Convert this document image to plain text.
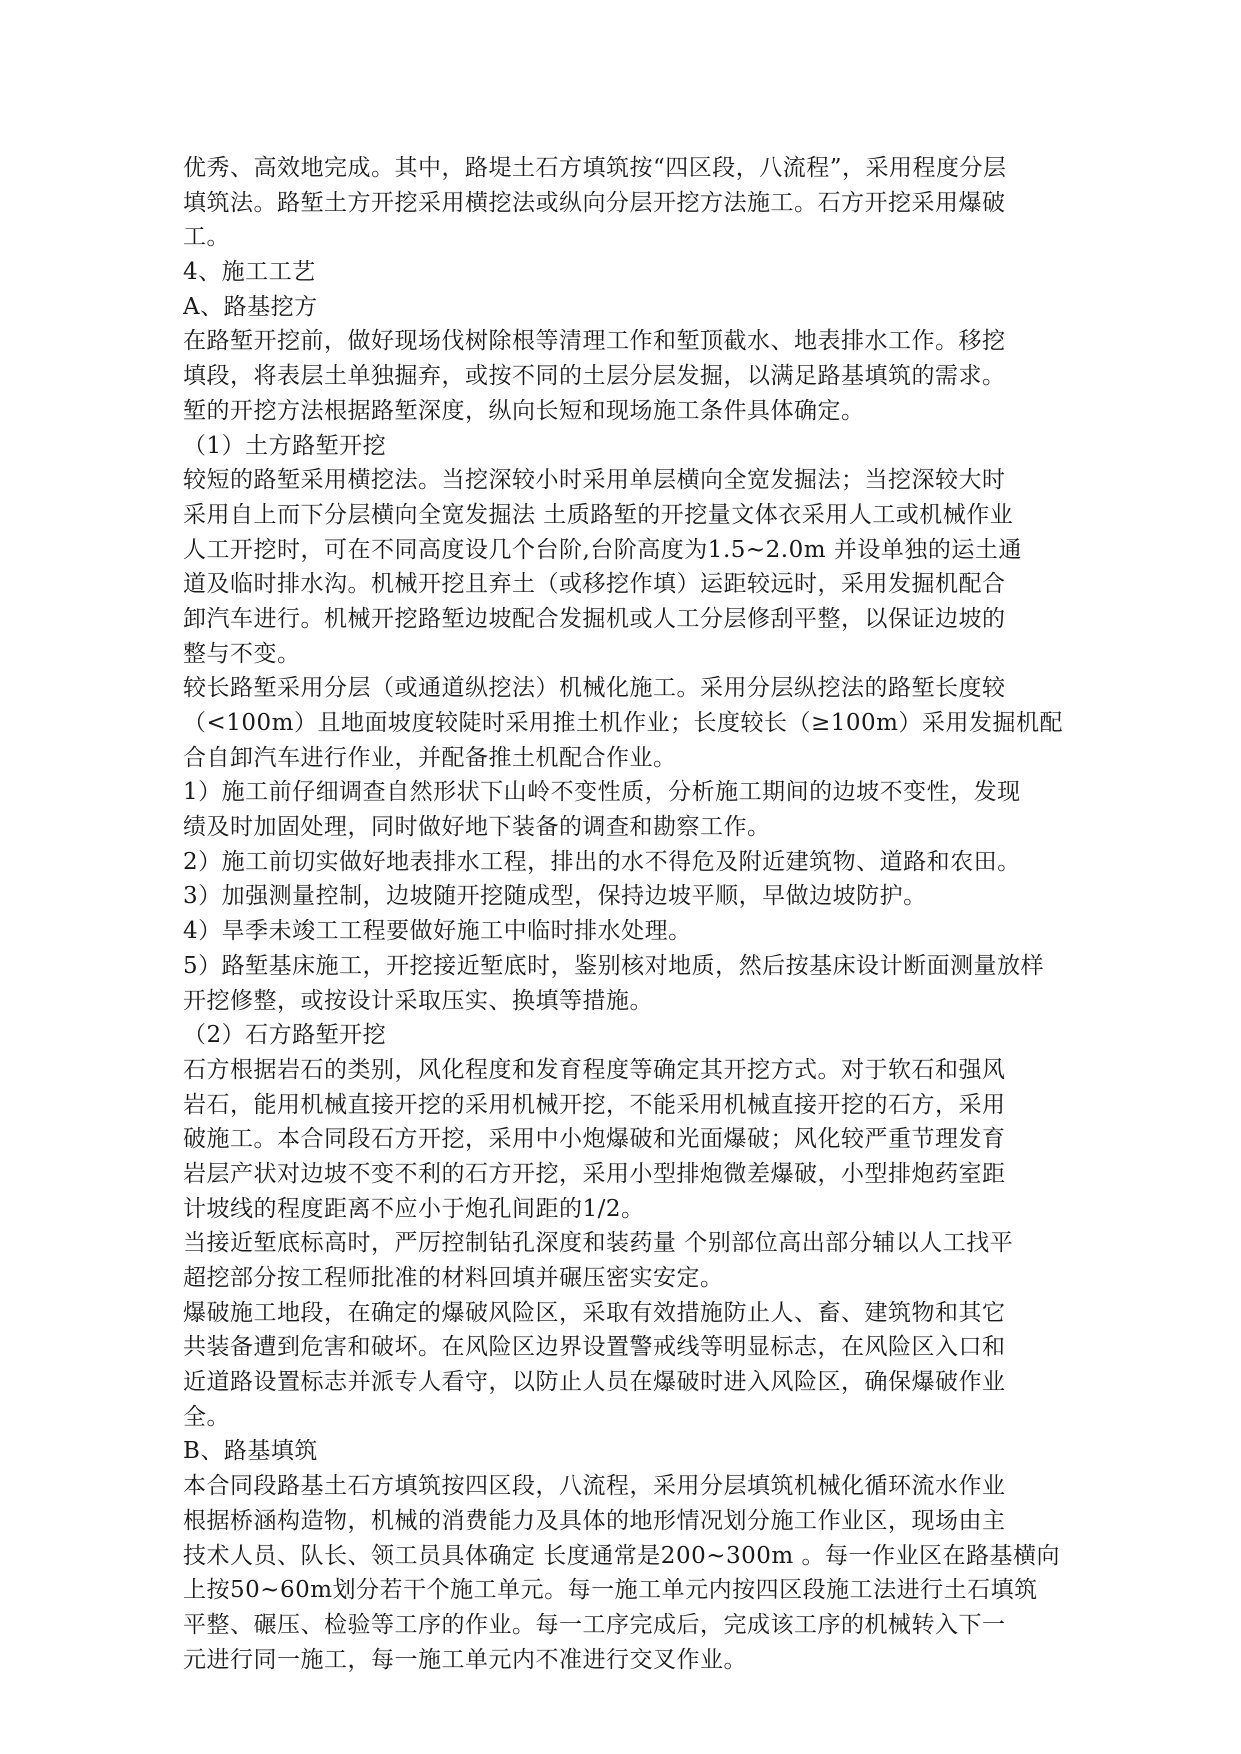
优秀、高效地完成。其中，路堤土石方填筑按“四区段，八流程”，采用程度分层
填筑法。路堑土方开挖采用横挖法或纵向分层开挖方法施工。石方开挖采用爆破
工。
4、施工工艺
A、路基挖方
在路堑开挖前，做好现场伐树除根等清理工作和堑顶截水、地表排水工作。移挖
填段，将表层土单独掘弃，或按不同的土层分层发掘，以满足路基填筑的需求。
堑的开挖方法根据路堑深度，纵向长短和现场施工条件具体确定。
（1）土方路堑开挖
较短的路堑采用横挖法。当挖深较小时采用单层横向全宽发掘法；当挖深较大时
采用自上而下分层横向全宽发掘法 土质路堑的开挖量文体衣采用人工或机械作业
人工开挖时，可在不同高度设几个台阶,台阶高度为1.5~2.0m 并设单独的运土通
道及临时排水沟。机械开挖且弃土（或移挖作填）运距较远时，采用发掘机配合
卸汽车进行。机械开挖路堑边坡配合发掘机或人工分层修刮平整，以保证边坡的
整与不变。
较长路堑采用分层（或通道纵挖法）机械化施工。采用分层纵挖法的路堑长度较
（<100m）且地面坡度较陡时采用推土机作业；长度较长（≥100m）采用发掘机配
合自卸汽车进行作业，并配备推土机配合作业。
1）施工前仔细调查自然形状下山岭不变性质，分析施工期间的边坡不变性，发现
绩及时加固处理，同时做好地下装备的调查和勘察工作。
2）施工前切实做好地表排水工程，排出的水不得危及附近建筑物、道路和农田。
3）加强测量控制，边坡随开挖随成型，保持边坡平顺，早做边坡防护。
4）旱季未竣工工程要做好施工中临时排水处理。
5）路堑基床施工，开挖接近堑底时，鉴别核对地质，然后按基床设计断面测量放样
开挖修整，或按设计采取压实、换填等措施。
（2）石方路堑开挖
石方根据岩石的类别，风化程度和发育程度等确定其开挖方式。对于软石和强风
岩石，能用机械直接开挖的采用机械开挖，不能采用机械直接开挖的石方，采用
破施工。本合同段石方开挖，采用中小炮爆破和光面爆破；风化较严重节理发育
岩层产状对边坡不变不利的石方开挖，采用小型排炮微差爆破，小型排炮药室距
计坡线的程度距离不应小于炮孔间距的1/2。
当接近堑底标高时，严厉控制钻孔深度和装药量 个别部位高出部分辅以人工找平
超挖部分按工程师批准的材料回填并碾压密实安定。
爆破施工地段，在确定的爆破风险区，采取有效措施防止人、畜、建筑物和其它
共装备遭到危害和破坏。在风险区边界设置警戒线等明显标志，在风险区入口和
近道路设置标志并派专人看守，以防止人员在爆破时进入风险区，确保爆破作业
全。
B、路基填筑
本合同段路基土石方填筑按四区段，八流程，采用分层填筑机械化循环流水作业
根据桥涵构造物，机械的消费能力及具体的地形情况划分施工作业区，现场由主
技术人员、队长、领工员具体确定 长度通常是200~300m 。每一作业区在路基横向
上按50~60m划分若干个施工单元。每一施工单元内按四区段施工法进行土石填筑
平整、碾压、检验等工序的作业。每一工序完成后，完成该工序的机械转入下一
元进行同一施工，每一施工单元内不准进行交叉作业。
